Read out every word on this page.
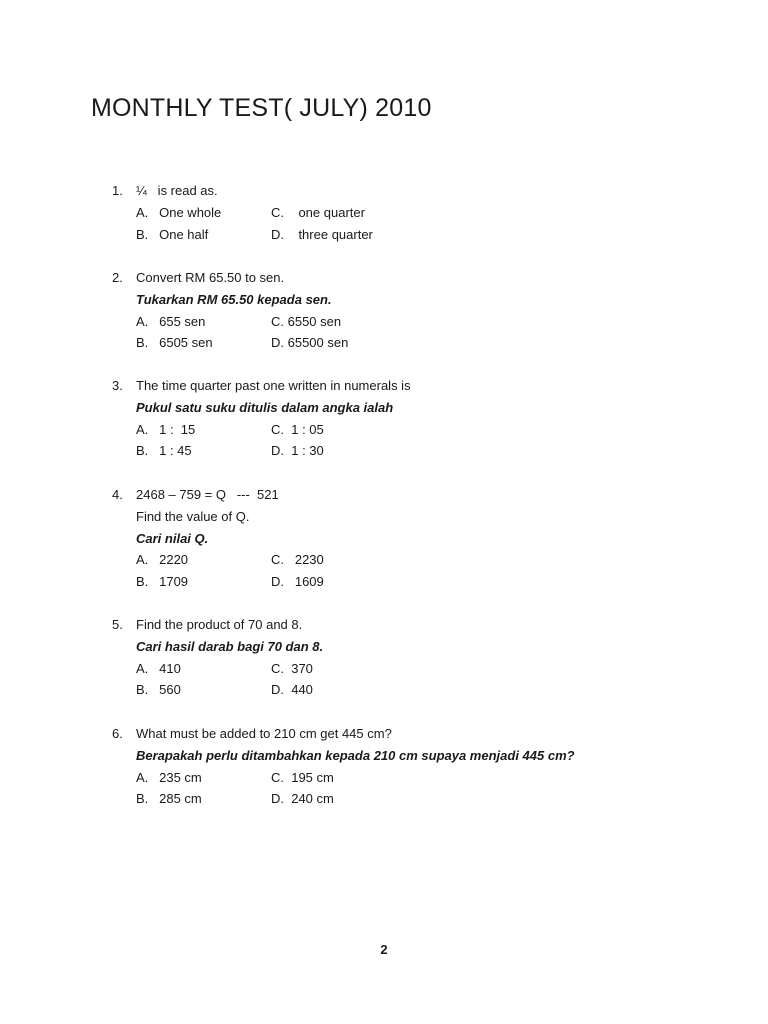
MONTHLY TEST( JULY) 2010
1.	¼   is read as.
A.   One whole	C.    one quarter
B.   One half	D.    three quarter
2.	Convert RM 65.50 to sen.
Tukarkan RM 65.50 kepada sen.
A.   655 sen	C. 6550 sen
B.   6505 sen	D. 65500 sen
3.	The time quarter past one written in numerals is
Pukul satu suku ditulis dalam angka ialah
A.   1 :  15	C.  1 : 05
B.   1 : 45	D.  1 : 30
4.	2468 – 759 = Q   ---  521
Find the value of Q.
Cari nilai Q.
A.   2220	C.   2230
B.   1709	D.   1609
5.	Find the product of 70 and 8.
Cari hasil darab bagi 70 dan 8.
A.   410	C.  370
B.   560	D.  440
6.	What must be added to 210 cm get 445 cm?
Berapakah perlu ditambahkan kepada 210 cm supaya menjadi 445 cm?
A.   235 cm	C.  195 cm
B.   285 cm	D.  240 cm
2
